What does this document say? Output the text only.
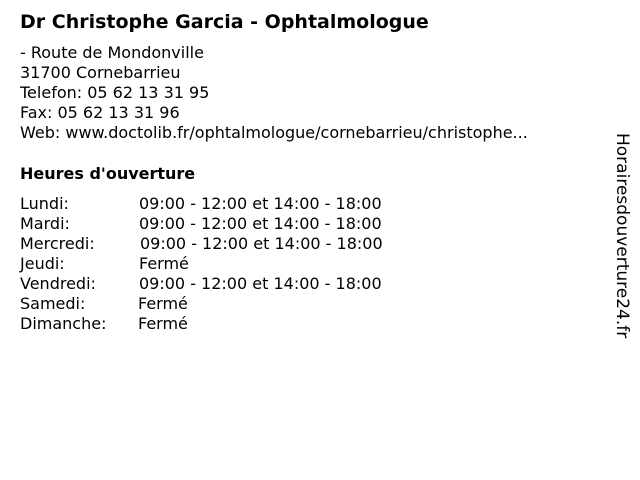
Dr Christophe Garcia - Ophtalmologue
- Route de Mondonville
31700 Cornebarrieu
Telefon: 05 62 13 31 95
Fax: 05 62 13 31 96
Web: www.doctolib.fr/ophtalmologue/cornebarrieu/christophe...
Heures d'ouverture
Lundi:	09:00 - 12:00 et 14:00 - 18:00
Mardi:	09:00 - 12:00 et 14:00 - 18:00
Mercredi:	09:00 - 12:00 et 14:00 - 18:00
Jeudi:	Fermé
Vendredi:	09:00 - 12:00 et 14:00 - 18:00
Samedi:	Fermé
Dimanche: Fermé	Horairesdouverture24.fr
